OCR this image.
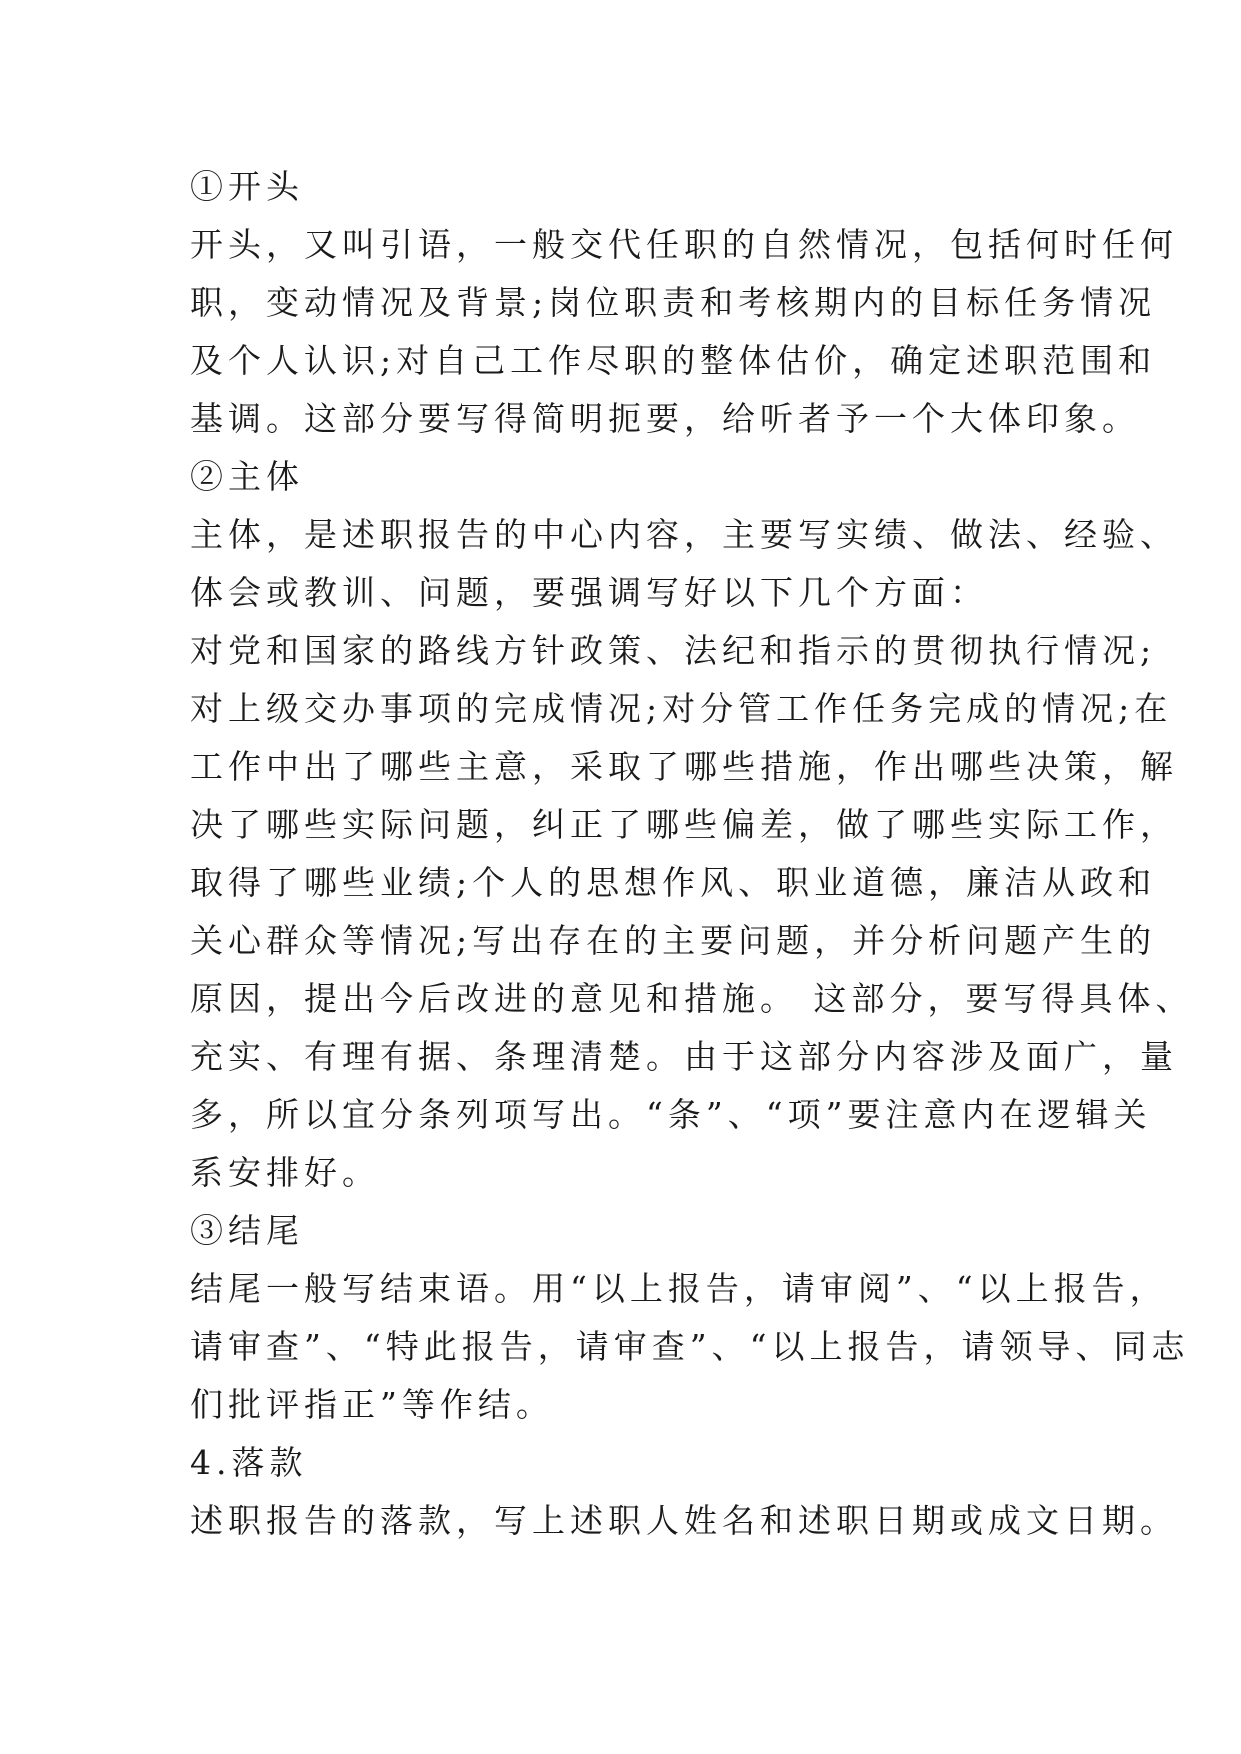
①开头
开头，又叫引语，一般交代任职的自然情况，包括何时任何
职，变动情况及背景;岗位职责和考核期内的目标任务情况
及个人认识;对自己工作尽职的整体估价，确定述职范围和
基调。这部分要写得简明扼要，给听者予一个大体印象。
②主体
主体，是述职报告的中心内容，主要写实绩、做法、经验、
体会或教训、问题，要强调写好以下几个方面：
对党和国家的路线方针政策、法纪和指示的贯彻执行情况;
对上级交办事项的完成情况;对分管工作任务完成的情况;在
工作中出了哪些主意，采取了哪些措施，作出哪些决策，解
决了哪些实际问题，纠正了哪些偏差，做了哪些实际工作，
取得了哪些业绩;个人的思想作风、职业道德，廉洁从政和
关心群众等情况;写出存在的主要问题，并分析问题产生的
原因，提出今后改进的意见和措施。 这部分，要写得具体、
充实、有理有据、条理清楚。由于这部分内容涉及面广，量
多，所以宜分条列项写出。“条”、“项”要注意内在逻辑关
系安排好。
③结尾
结尾一般写结束语。用“以上报告，请审阅”、“以上报告，
请审查”、“特此报告，请审查”、“以上报告，请领导、同志
们批评指正”等作结。
4.落款
述职报告的落款，写上述职人姓名和述职日期或成文日期。
